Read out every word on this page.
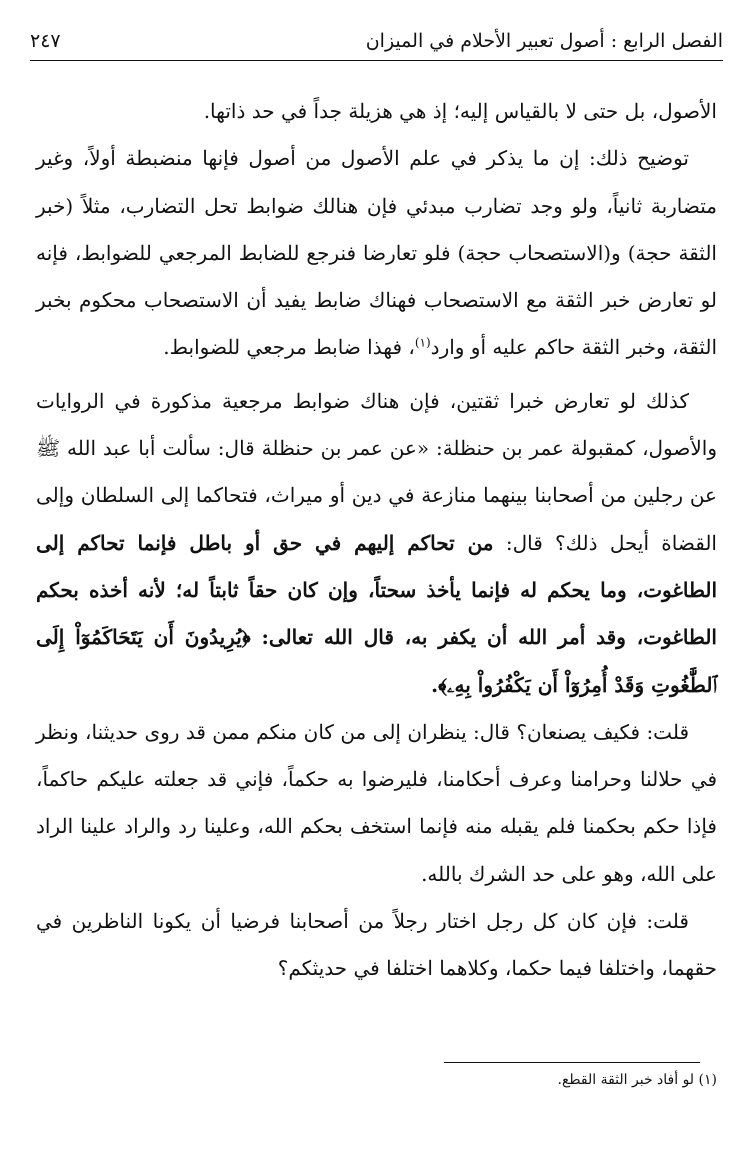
الفصل الرابع : أصول تعبير الأحلام في الميزان
٢٤٧

الأصول، بل حتى لا بالقياس إليه؛ إذ هي هزيلة جداً في حد ذاتها.

توضيح ذلك: إن ما يذكر في علم الأصول من أصول فإنها منضبطة أولاً، وغير متضاربة ثانياً، ولو وجد تضارب مبدئي فإن هنالك ضوابط تحل التضارب، مثلاً (خبر الثقة حجة) و(الاستصحاب حجة) فلو تعارضا فنرجع للضابط المرجعي للضوابط، فإنه لو تعارض خبر الثقة مع الاستصحاب فهناك ضابط يفيد أن الاستصحاب محكوم بخبر الثقة، وخبر الثقة حاكم عليه أو وارد$^{(١)}$، فهذا ضابط مرجعي للضوابط.

كذلك لو تعارض خبرا ثقتين، فإن هناك ضوابط مرجعية مذكورة في الروايات والأصول، كمقبولة عمر بن حنظلة: «عن عمر بن حنظلة قال: سألت أبا عبد الله ﷺ عن رجلين من أصحابنا بينهما منازعة في دين أو ميراث، فتحاكما إلى السلطان وإلى القضاة أيحل ذلك؟ قال: من تحاكم إليهم في حق أو باطل فإنما تحاكم إلى الطاغوت، وما يحكم له فإنما يأخذ سحتاً، وإن كان حقاً ثابتاً له؛ لأنه أخذه بحكم الطاغوت، وقد أمر الله أن يكفر به، قال الله تعالى: ﴿يُرِيدُونَ أَن يَتَحَاكَمُوٓاْ إِلَى ٱلطَّٰغُوتِ وَقَدْ أُمِرُوٓاْ أَن يَكْفُرُواْ بِهِۦ﴾.

قلت: فكيف يصنعان؟ قال: ينظران إلى من كان منكم ممن قد روى حديثنا، ونظر في حلالنا وحرامنا وعرف أحكامنا، فليرضوا به حكماً، فإني قد جعلته عليكم حاكماً، فإذا حكم بحكمنا فلم يقبله منه فإنما استخف بحكم الله، وعلينا رد والراد علينا الراد على الله، وهو على حد الشرك بالله.

قلت: فإن كان كل رجل اختار رجلاً من أصحابنا فرضيا أن يكونا الناظرين في حقهما، واختلفا فيما حكما، وكلاهما اختلفا في حديثكم؟

(١) لو أفاد خبر الثقة القطع.
